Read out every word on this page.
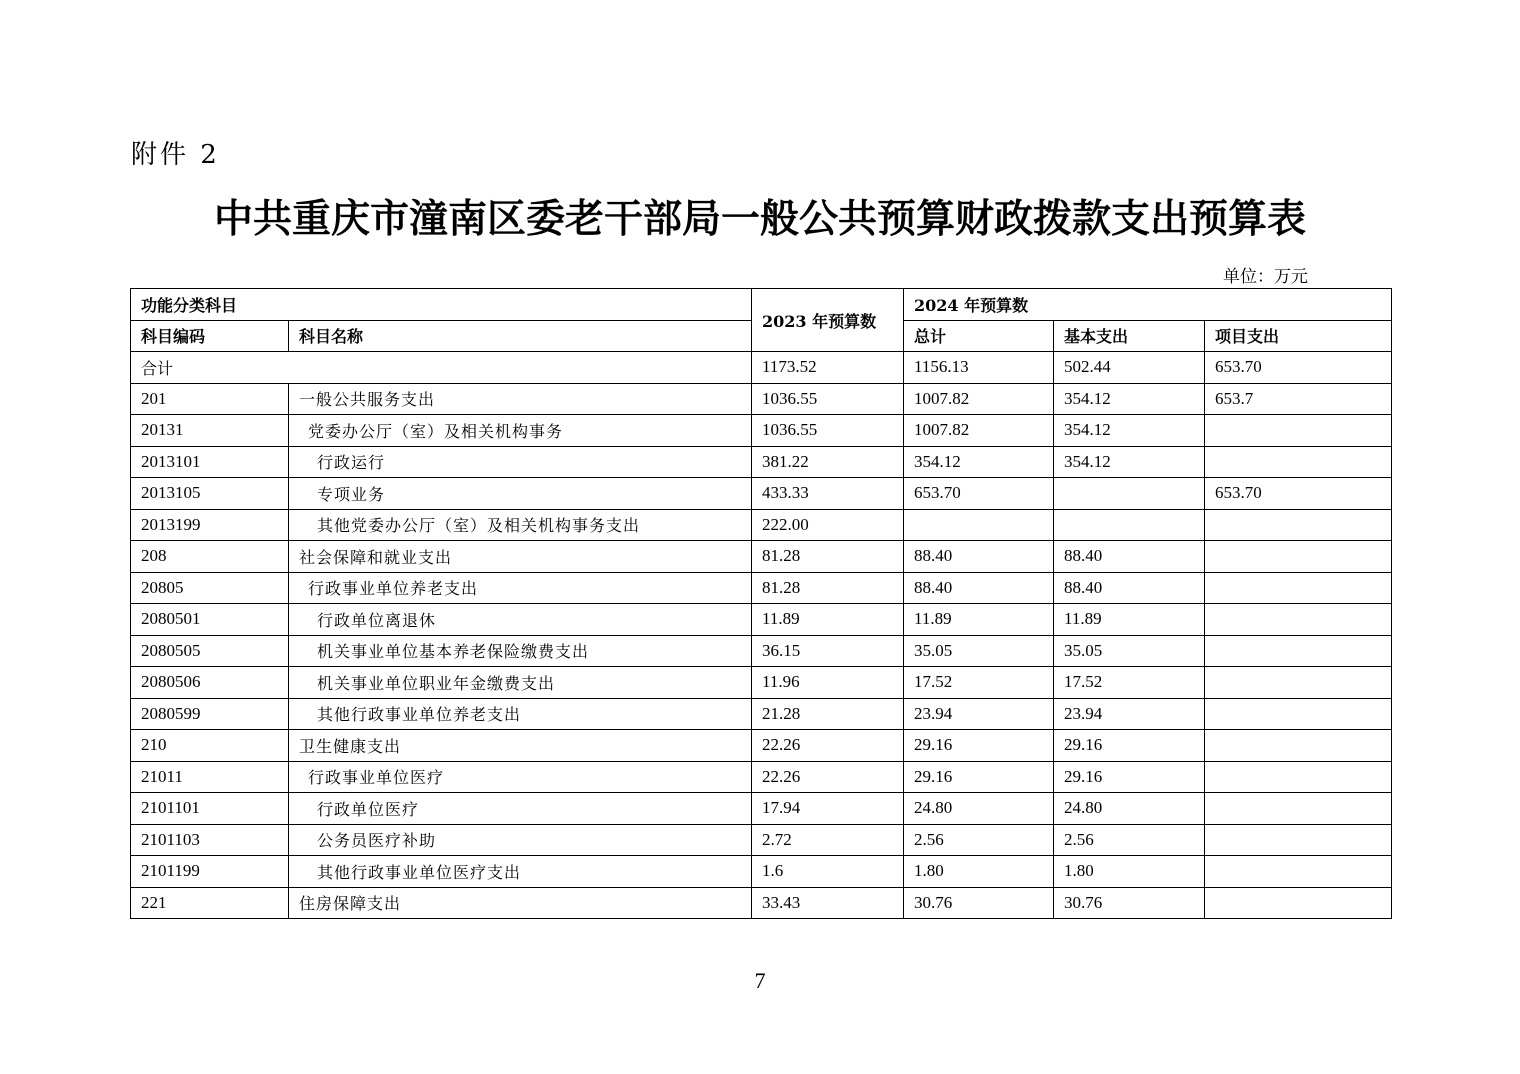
附件 2
中共重庆市潼南区委老干部局一般公共预算财政拨款支出预算表
单位：万元
功能分类科目		2023 年预算数	2024 年预算数		
科目编码	科目名称		总计	基本支出	项目支出
合计		1173.52	1156.13	502.44	653.70
201	一般公共服务支出	1036.55	1007.82	354.12	653.7
20131	党委办公厅（室）及相关机构事务	1036.55	1007.82	354.12	
2013101	行政运行	381.22	354.12	354.12	
2013105	专项业务	433.33	653.70		653.70
2013199	其他党委办公厅（室）及相关机构事务支出	222.00			
208	社会保障和就业支出	81.28	88.40	88.40	
20805	行政事业单位养老支出	81.28	88.40	88.40	
2080501	行政单位离退休	11.89	11.89	11.89	
2080505	机关事业单位基本养老保险缴费支出	36.15	35.05	35.05	
2080506	机关事业单位职业年金缴费支出	11.96	17.52	17.52	
2080599	其他行政事业单位养老支出	21.28	23.94	23.94	
210	卫生健康支出	22.26	29.16	29.16	
21011	行政事业单位医疗	22.26	29.16	29.16	
2101101	行政单位医疗	17.94	24.80	24.80	
2101103	公务员医疗补助	2.72	2.56	2.56	
2101199	其他行政事业单位医疗支出	1.6	1.80	1.80	
221	住房保障支出	33.43	30.76	30.76	
7
